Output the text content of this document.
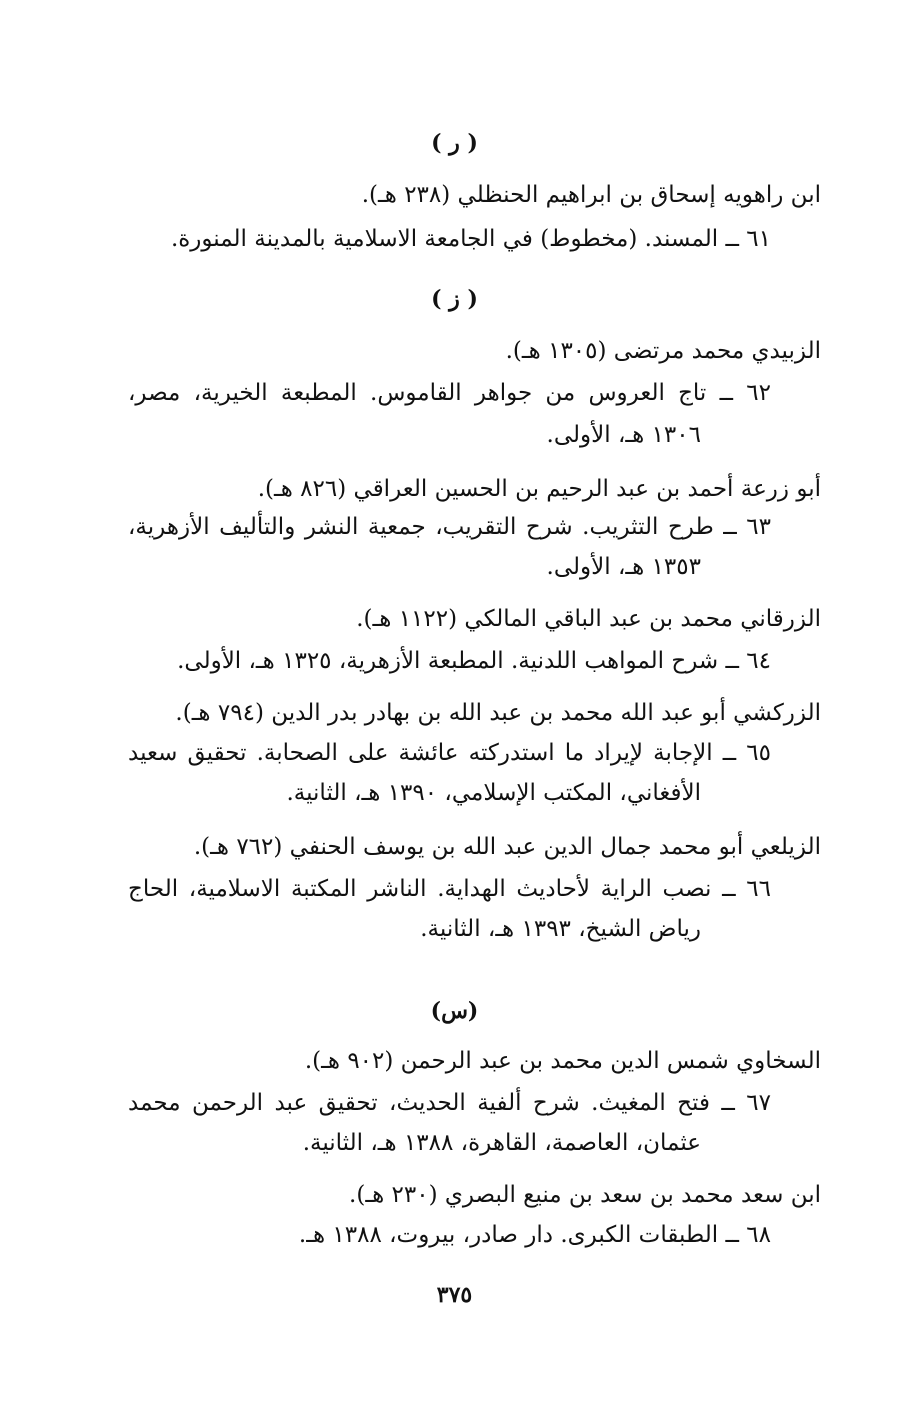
( ر )
ابن راهويه إسحاق بن ابراهيم الحنظلي (٢٣٨ هـ).
٦١ ــ المسند. (مخطوط) في الجامعة الاسلامية بالمدينة المنورة.
( ز )
الزبيدي محمد مرتضى (١٣٠٥ هـ).
٦٢ ــ تاج العروس من جواهر القاموس. المطبعة الخيرية، مصر،
١٣٠٦ هـ، الأولى.
أبو زرعة أحمد بن عبد الرحيم بن الحسين العراقي (٨٢٦ هـ).
٦٣ ــ طرح التثريب. شرح التقريب، جمعية النشر والتأليف الأزهرية،
١٣٥٣ هـ، الأولى.
الزرقاني محمد بن عبد الباقي المالكي (١١٢٢ هـ).
٦٤ ــ شرح المواهب اللدنية. المطبعة الأزهرية، ١٣٢٥ هـ، الأولى.
الزركشي أبو عبد الله محمد بن عبد الله بن بهادر بدر الدين (٧٩٤ هـ).
٦٥ ــ الإجابة لإيراد ما استدركته عائشة على الصحابة. تحقيق سعيد
الأفغاني، المكتب الإسلامي، ١٣٩٠ هـ، الثانية.
الزيلعي أبو محمد جمال الدين عبد الله بن يوسف الحنفي (٧٦٢ هـ).
٦٦ ــ نصب الراية لأحاديث الهداية. الناشر المكتبة الاسلامية، الحاج
رياض الشيخ، ١٣٩٣ هـ، الثانية.
(س)
السخاوي شمس الدين محمد بن عبد الرحمن (٩٠٢ هـ).
٦٧ ــ فتح المغيث. شرح ألفية الحديث، تحقيق عبد الرحمن محمد
عثمان، العاصمة، القاهرة، ١٣٨٨ هـ، الثانية.
ابن سعد محمد بن سعد بن منيع البصري (٢٣٠ هـ).
٦٨ ــ الطبقات الكبرى. دار صادر، بيروت، ١٣٨٨ هـ.
٣٧٥
